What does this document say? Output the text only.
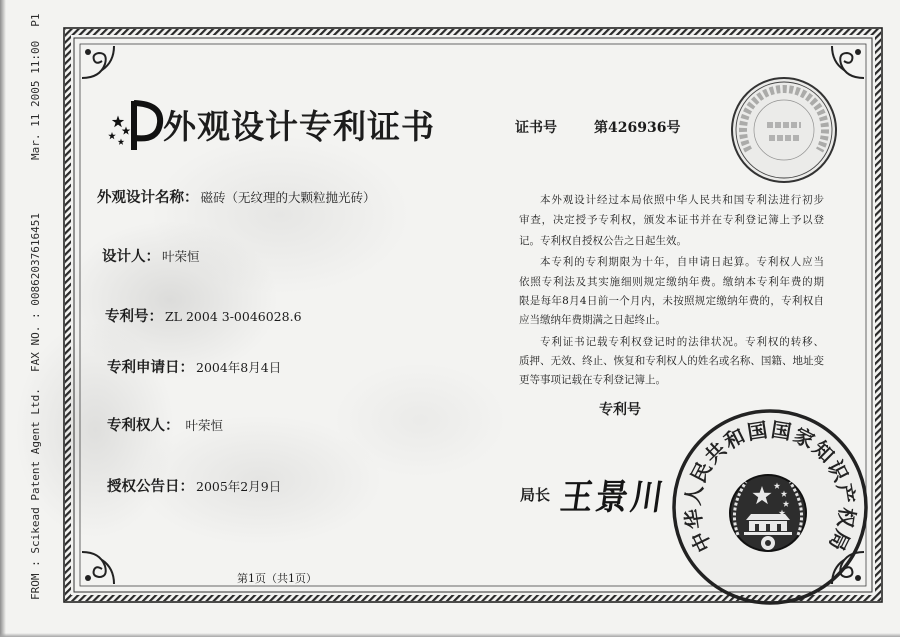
FROM : Scikead Patent Agent Ltd.
FAX NO. : 00862037616451
Mar. 11 2005 11:00P1
外观设计专利证书	证书号	第426936号
外观设计名称： 磁砖（无纹理的大颗粒抛光砖）
设计人： 叶荣恒
专利号： ZL 2004 3-0046028.6
专利申请日： 2004年8月4日
专利权人： 叶荣恒
授权公告日： 2005年2月9日
本外观设计经过本局依照中华人民共和国专利法进行初步
审查，决定授予专利权，颁发本证书并在专利登记簿上予以登
记。专利权自授权公告之日起生效。
本专利的专利期限为十年，自申请日起算。专利权人应当
依照专利法及其实施细则规定缴纳年费。缴纳本专利年费的期
限是每年8月4日前一个月内，未按照规定缴纳年费的，专利权自
应当缴纳年费期满之日起终止。
专利证书记载专利权登记时的法律状况。专利权的转移、
质押、无效、终止、恢复和专利权人的姓名或名称、国籍、地址变
更等事项记载在专利登记簿上。
专利号
局长 王景川
中华人民共和国国家知识产权局
第1页（共1页）
